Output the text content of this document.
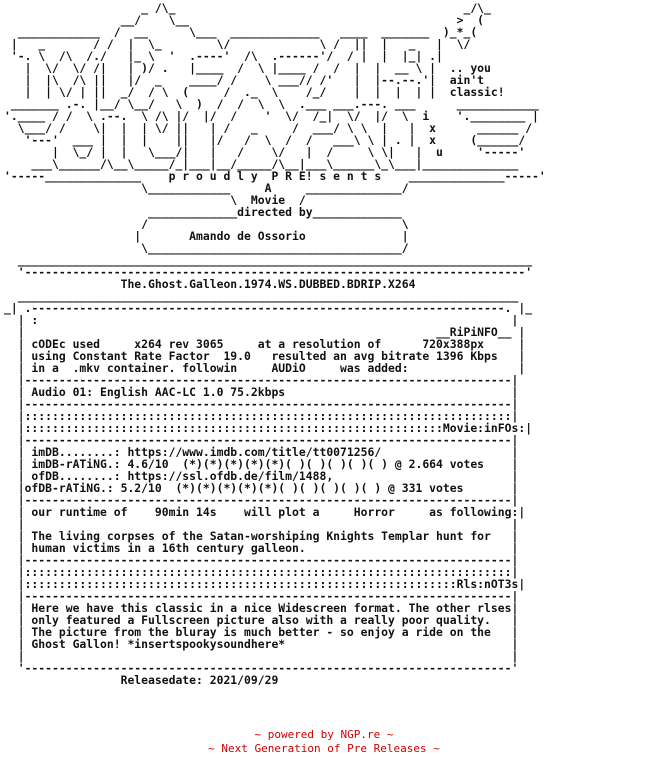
_ /\_                                          _/\_
__/    \__                                       >  (
____________  /  __      \___  _____________   ____  _______  )_*_(
|   _       / /  |  \_        \/             \ /  ||  |   _   |  \/
'-. \  /\  /./   |_ \  '  .----'  /\  .------'/  / |  |  |_| .|
|  \/  \/ /|   | )/ .   |____  /  \ |____ /  /  |  |  __ \ |  .. you
|  |\  /\ ||   |/  _    ____/ /    \ ___// /'   |  |--.--.'|  ain't
|  | \/ | ||  _/  / \  (     /  ._  \    /_/    |  |  |  | |  classic!
_______ .-. |__/ \__/   \  )  /  /  \  \  .___ ___.---. ___      ____________
'.____ / /  \ .--.  \ /\ |/  |/  /    '  \/  /_|  \/  |/  \  i    '.________ |
\___/ /    \|  |  | \/ ||   | /   _     /  ___/ \ \  |   |  x      ______ /
'---'  ___ |  |  |    ||   |/   /  \  /  /   ___\ \ | . |  x     (______/
|  \_/ |  |   \___/|   |   /    \/   |  /     \ \|   |  u     '-----'
___\______/\__\_____/_|___|__/_____/\__|___\______\_\___|______________
'-----______________    p r o u d l y  P R E! s e n t s    ______________-----'
\____________     A     ______________/
\  Movie  /
_____________directed by_____________
/                                     \
|       Amando de Ossorio              |
\_____________________________________/
___________________________________________________________________________
'-------------------------------------------------------------------------'
The.Ghost.Galleon.1974.WS.DUBBED.BDRIP.X264
_________________________________________________________________________
_| .---------------------------------------------------------------------. |_
| :                                                                     |
|                                                            __RiPiNFO__ |
| cODEc used     x264 rev 3065     at a resolution of      720x388px     |
| using Constant Rate Factor  19.0   resulted an avg bitrate 1396 Kbps   |
| in a  .mkv container. followin     AUDiO     was added:                |
|-----------------------------------------------------------------------|
| Audio 01: English AAC-LC 1.0 75.2kbps                                 |
|-----------------------------------------------------------------------|
|:::::::::::::::::::::::::::::::::::::::::::::::::::::::::::::::::::::::|
|:::::::::::::::::::::::::::::::::::::::::::::::::::::::::::::Movie:inFOs:|
|-----------------------------------------------------------------------|
| imDB........: https://www.imdb.com/title/tt0071256/                   |
| imDB-rATiNG.: 4.6/10  (*)(*)(*)(*)(*)( )( )( )( )( ) @ 2.664 votes    |
| ofDB........: https://ssl.ofdb.de/film/1488,                          |
|ofDB-rATiNG.: 5.2/10  (*)(*)(*)(*)(*)( )( )( )( )( ) @ 331 votes       |
|-----------------------------------------------------------------------|
| our runtime of    90min 14s    will plot a     Horror     as following:|
|                                                                       |
| The living corpses of the Satan-worshiping Knights Templar hunt for   |
| human victims in a 16th century galleon.                              |
|-----------------------------------------------------------------------|
|:::::::::::::::::::::::::::::::::::::::::::::::::::::::::::::::::::::::|
|:::::::::::::::::::::::::::::::::::::::::::::::::::::::::::::::Rls:nOT3s|
|-----------------------------------------------------------------------|
| Here we have this classic in a nice Widescreen format. The other rlses|
| only featured a Fullscreen picture also with a really poor quality.   |
| The picture from the bluray is much better - so enjoy a ride on the   |
| Ghost Gallon! *insertspookysoundhere*                                 |
|                                                                       |
'-----------------------------------------------------------------------'
Releasedate: 2021/09/29
~ powered by NGP.re ~
~ Next Generation of Pre Releases ~
